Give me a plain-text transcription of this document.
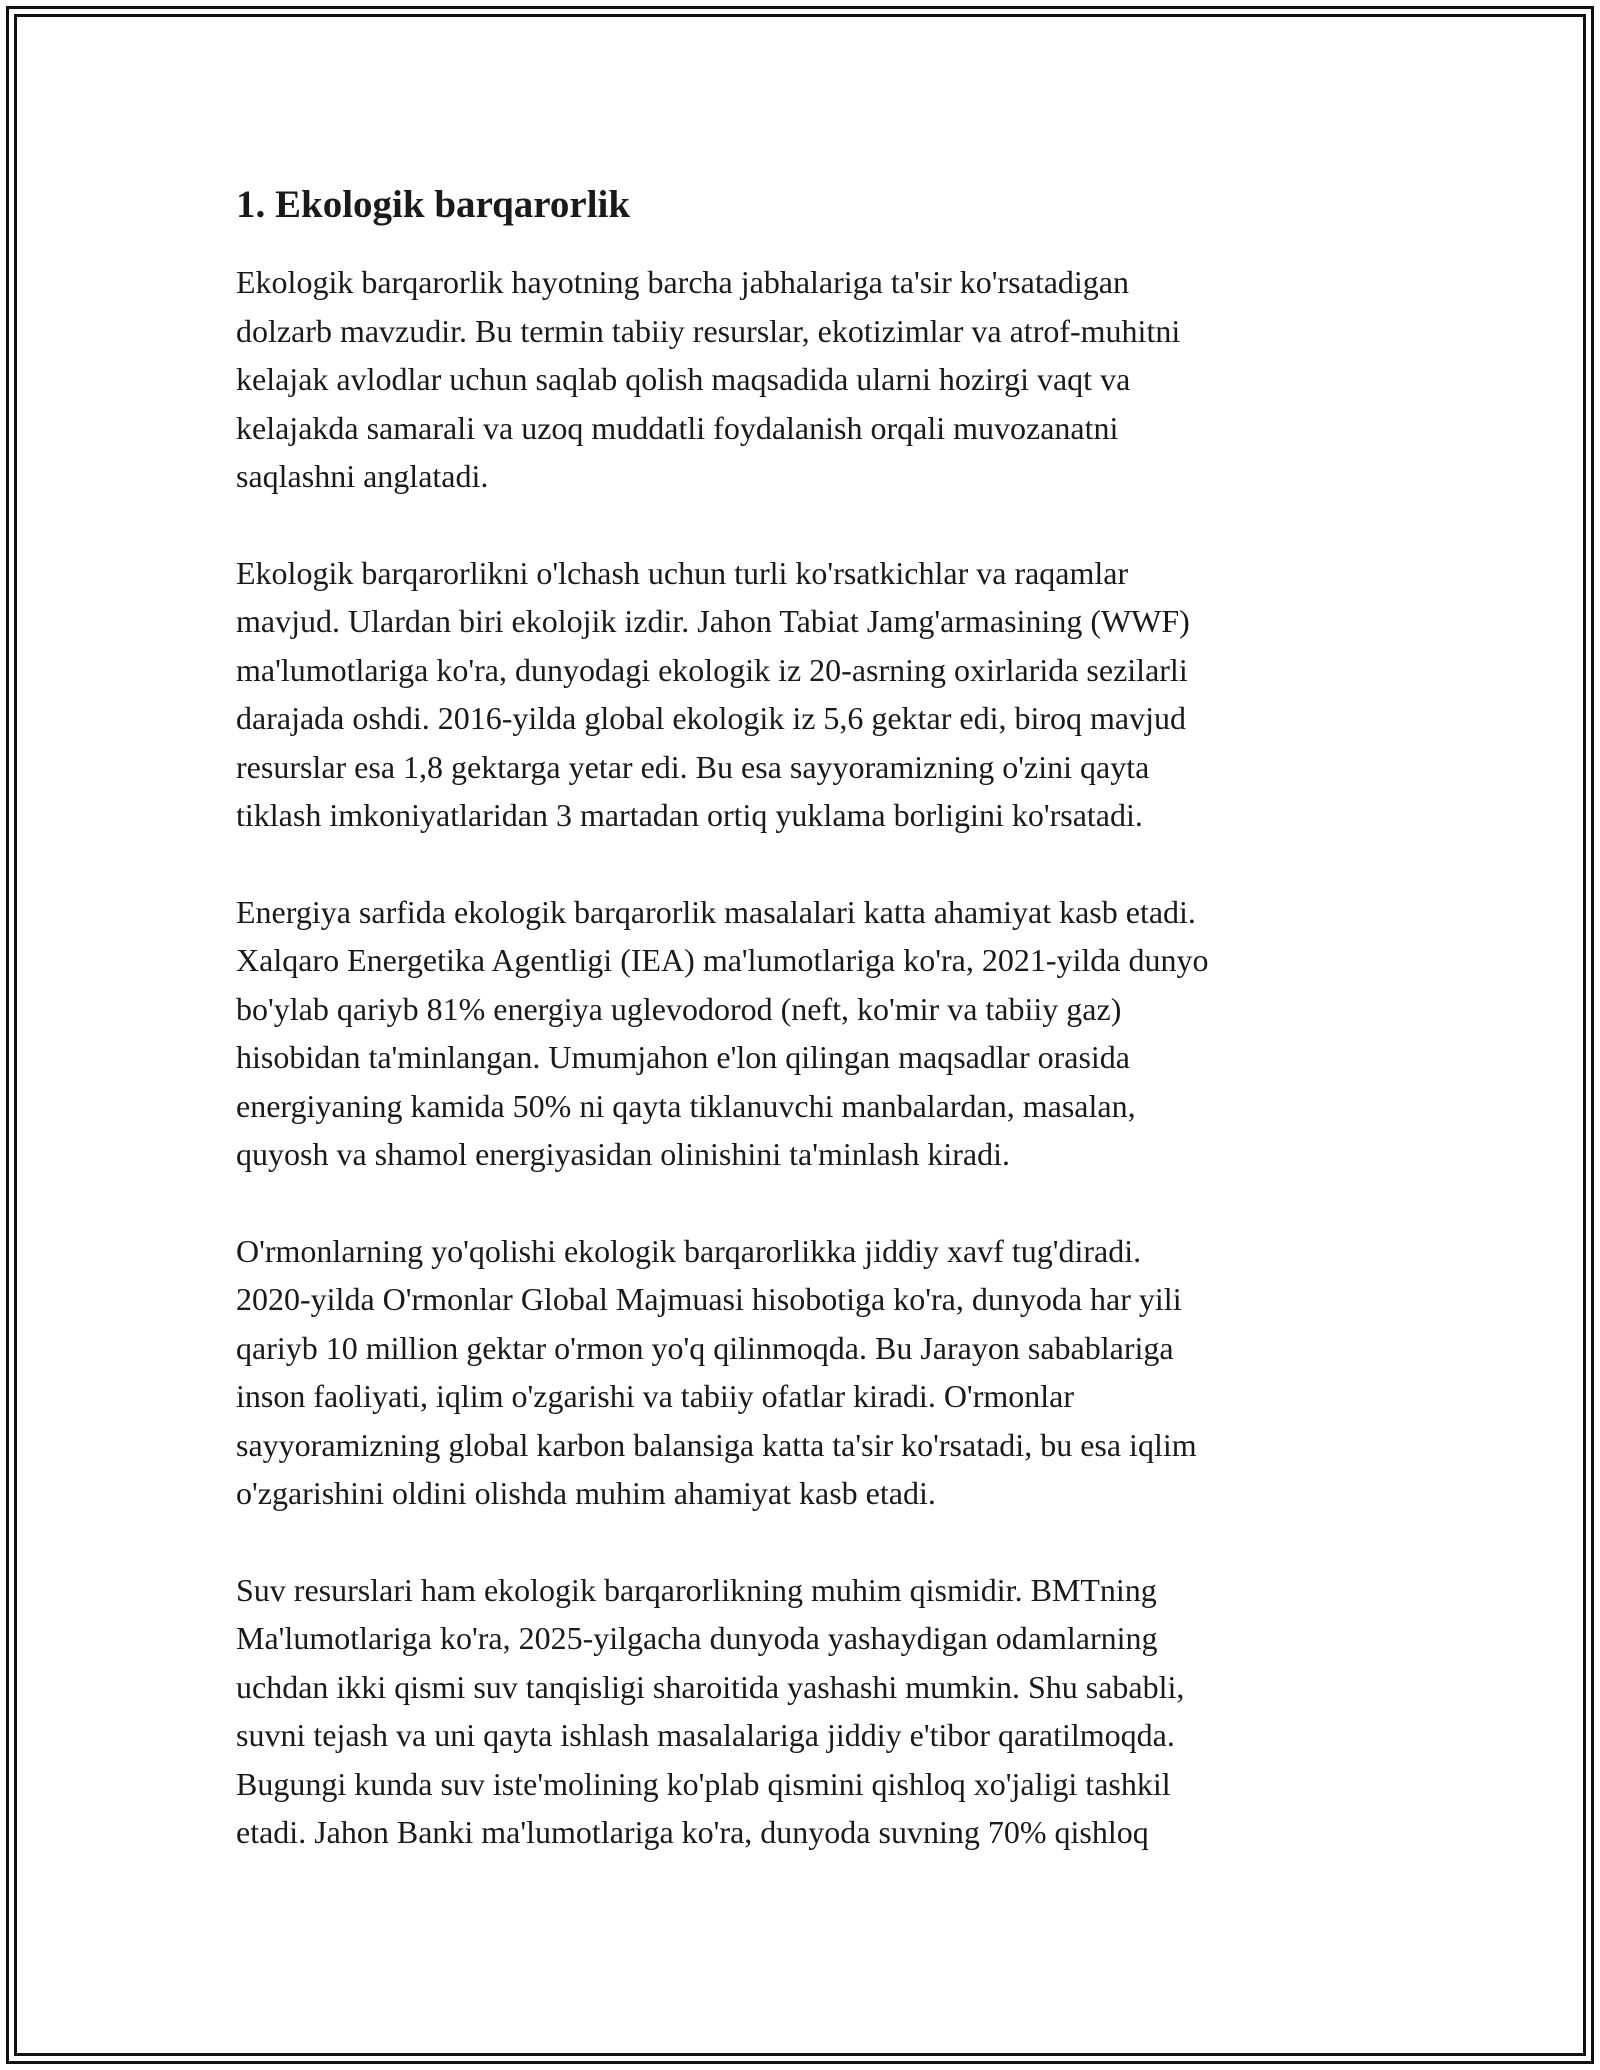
1. Ekologik barqarorlik

Ekologik barqarorlik hayotning barcha jabhalariga ta'sir ko'rsatadigan
dolzarb mavzudir. Bu termin tabiiy resurslar, ekotizimlar va atrof-muhitni
kelajak avlodlar uchun saqlab qolish maqsadida ularni hozirgi vaqt va
kelajakda samarali va uzoq muddatli foydalanish orqali muvozanatni
saqlashni anglatadi.

Ekologik barqarorlikni o'lchash uchun turli ko'rsatkichlar va raqamlar
mavjud. Ulardan biri ekolojik izdir. Jahon Tabiat Jamg'armasining (WWF)
ma'lumotlariga ko'ra, dunyodagi ekologik iz 20-asrning oxirlarida sezilarli
darajada oshdi. 2016-yilda global ekologik iz 5,6 gektar edi, biroq mavjud
resurslar esa 1,8 gektarga yetar edi. Bu esa sayyoramizning o'zini qayta
tiklash imkoniyatlaridan 3 martadan ortiq yuklama borligini ko'rsatadi.

Energiya sarfida ekologik barqarorlik masalalari katta ahamiyat kasb etadi.
Xalqaro Energetika Agentligi (IEA) ma'lumotlariga ko'ra, 2021-yilda dunyo
bo'ylab qariyb 81% energiya uglevodorod (neft, ko'mir va tabiiy gaz)
hisobidan ta'minlangan. Umumjahon e'lon qilingan maqsadlar orasida
energiyaning kamida 50% ni qayta tiklanuvchi manbalardan, masalan,
quyosh va shamol energiyasidan olinishini ta'minlash kiradi.

O'rmonlarning yo'qolishi ekologik barqarorlikka jiddiy xavf tug'diradi.
2020-yilda O'rmonlar Global Majmuasi hisobotiga ko'ra, dunyoda har yili
qariyb 10 million gektar o'rmon yo'q qilinmoqda. Bu Jarayon sabablariga
inson faoliyati, iqlim o'zgarishi va tabiiy ofatlar kiradi. O'rmonlar
sayyoramizning global karbon balansiga katta ta'sir ko'rsatadi, bu esa iqlim
o'zgarishini oldini olishda muhim ahamiyat kasb etadi.

Suv resurslari ham ekologik barqarorlikning muhim qismidir. BMTning
Ma'lumotlariga ko'ra, 2025-yilgacha dunyoda yashaydigan odamlarning
uchdan ikki qismi suv tanqisligi sharoitida yashashi mumkin. Shu sababli,
suvni tejash va uni qayta ishlash masalalariga jiddiy e'tibor qaratilmoqda.
Bugungi kunda suv iste'molining ko'plab qismini qishloq xo'jaligi tashkil
etadi. Jahon Banki ma'lumotlariga ko'ra, dunyoda suvning 70% qishloq
